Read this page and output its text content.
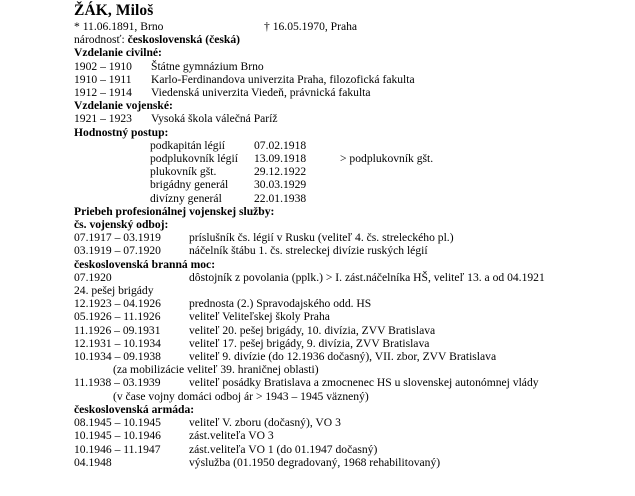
ŽÁK, Miloš
* 11.06.1891, Brno	† 16.05.1970, Praha
národnosť:
československá (česká)
Vzdelanie civilné:
1902 – 1910	Štátne gymnázium Brno
1910 – 1911	Karlo-Ferdinandova univerzita Praha, filozofická fakulta
1912 – 1914	Viedenská univerzita Viedeň, právnická fakulta
Vzdelanie vojenské:
1921 – 1923	Vysoká škola válečná Paríž
Hodnostný postup:
podkapitán légií	07.02.1918
podplukovník légií	13.09.1918	> podplukovník gšt.
plukovník gšt.	29.12.1922
brigádny generál	30.03.1929
divízny generál	22.01.1938
Priebeh profesionálnej vojenskej služby:
čs. vojenský odboj:
07.1917 – 03.1919	príslušník čs. légií v Rusku (veliteľ 4. čs. streleckého pl.)
03.1919 – 07.1920	náčelník štábu 1. čs. streleckej divízie ruských légií
československá branná moc:
07.1920	dôstojník z povolania (pplk.) > I. zást.náčelníka HŠ, veliteľ 13. a od 04.1921
24. pešej brigády
12.1923 – 04.1926	prednosta (2.) Spravodajského odd. HS
05.1926 – 11.1926	veliteľ Veliteľskej školy Praha
11.1926 – 09.1931	veliteľ 20. pešej brigády, 10. divízia, ZVV Bratislava
12.1931 – 10.1934	veliteľ 17. pešej brigády, 9. divízia, ZVV Bratislava
10.1934 – 09.1938	veliteľ 9. divízie (do 12.1936 dočasný), VII. zbor, ZVV Bratislava
(za mobilizácie veliteľ 39. hraničnej oblasti)
11.1938 – 03.1939	veliteľ posádky Bratislava a zmocnenec HS u slovenskej autonómnej vlády
(v čase vojny domáci odboj ár > 1943 – 1945 väznený)
československá armáda:
08.1945 – 10.1945	veliteľ V. zboru (dočasný), VO 3
10.1945 – 10.1946	zást.veliteľa VO 3
10.1946 – 11.1947	zást.veliteľa VO 1 (do 01.1947 dočasný)
04.1948	výslužba (01.1950 degradovaný, 1968 rehabilitovaný)
